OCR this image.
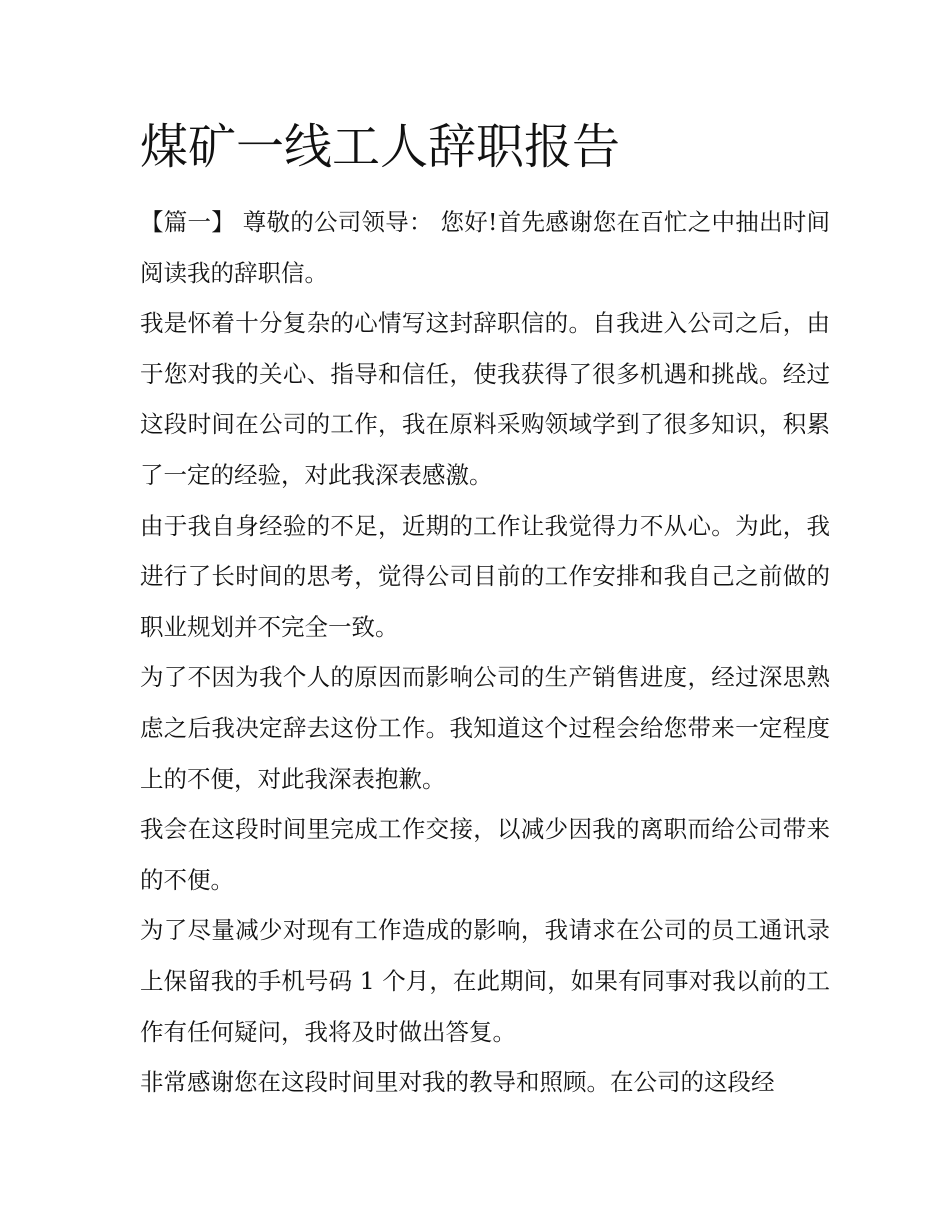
煤矿一线工人辞职报告

【篇一】 尊敬的公司领导： 您好!首先感谢您在百忙之中抽出时间阅读我的辞职信。

我是怀着十分复杂的心情写这封辞职信的。自我进入公司之后，由于您对我的关心、指导和信任，使我获得了很多机遇和挑战。经过这段时间在公司的工作，我在原料采购领域学到了很多知识，积累了一定的经验，对此我深表感激。

由于我自身经验的不足，近期的工作让我觉得力不从心。为此，我进行了长时间的思考，觉得公司目前的工作安排和我自己之前做的职业规划并不完全一致。

为了不因为我个人的原因而影响公司的生产销售进度，经过深思熟虑之后我决定辞去这份工作。我知道这个过程会给您带来一定程度上的不便，对此我深表抱歉。

我会在这段时间里完成工作交接，以减少因我的离职而给公司带来的不便。

为了尽量减少对现有工作造成的影响，我请求在公司的员工通讯录上保留我的手机号码 1 个月，在此期间，如果有同事对我以前的工作有任何疑问，我将及时做出答复。

非常感谢您在这段时间里对我的教导和照顾。在公司的这段经
